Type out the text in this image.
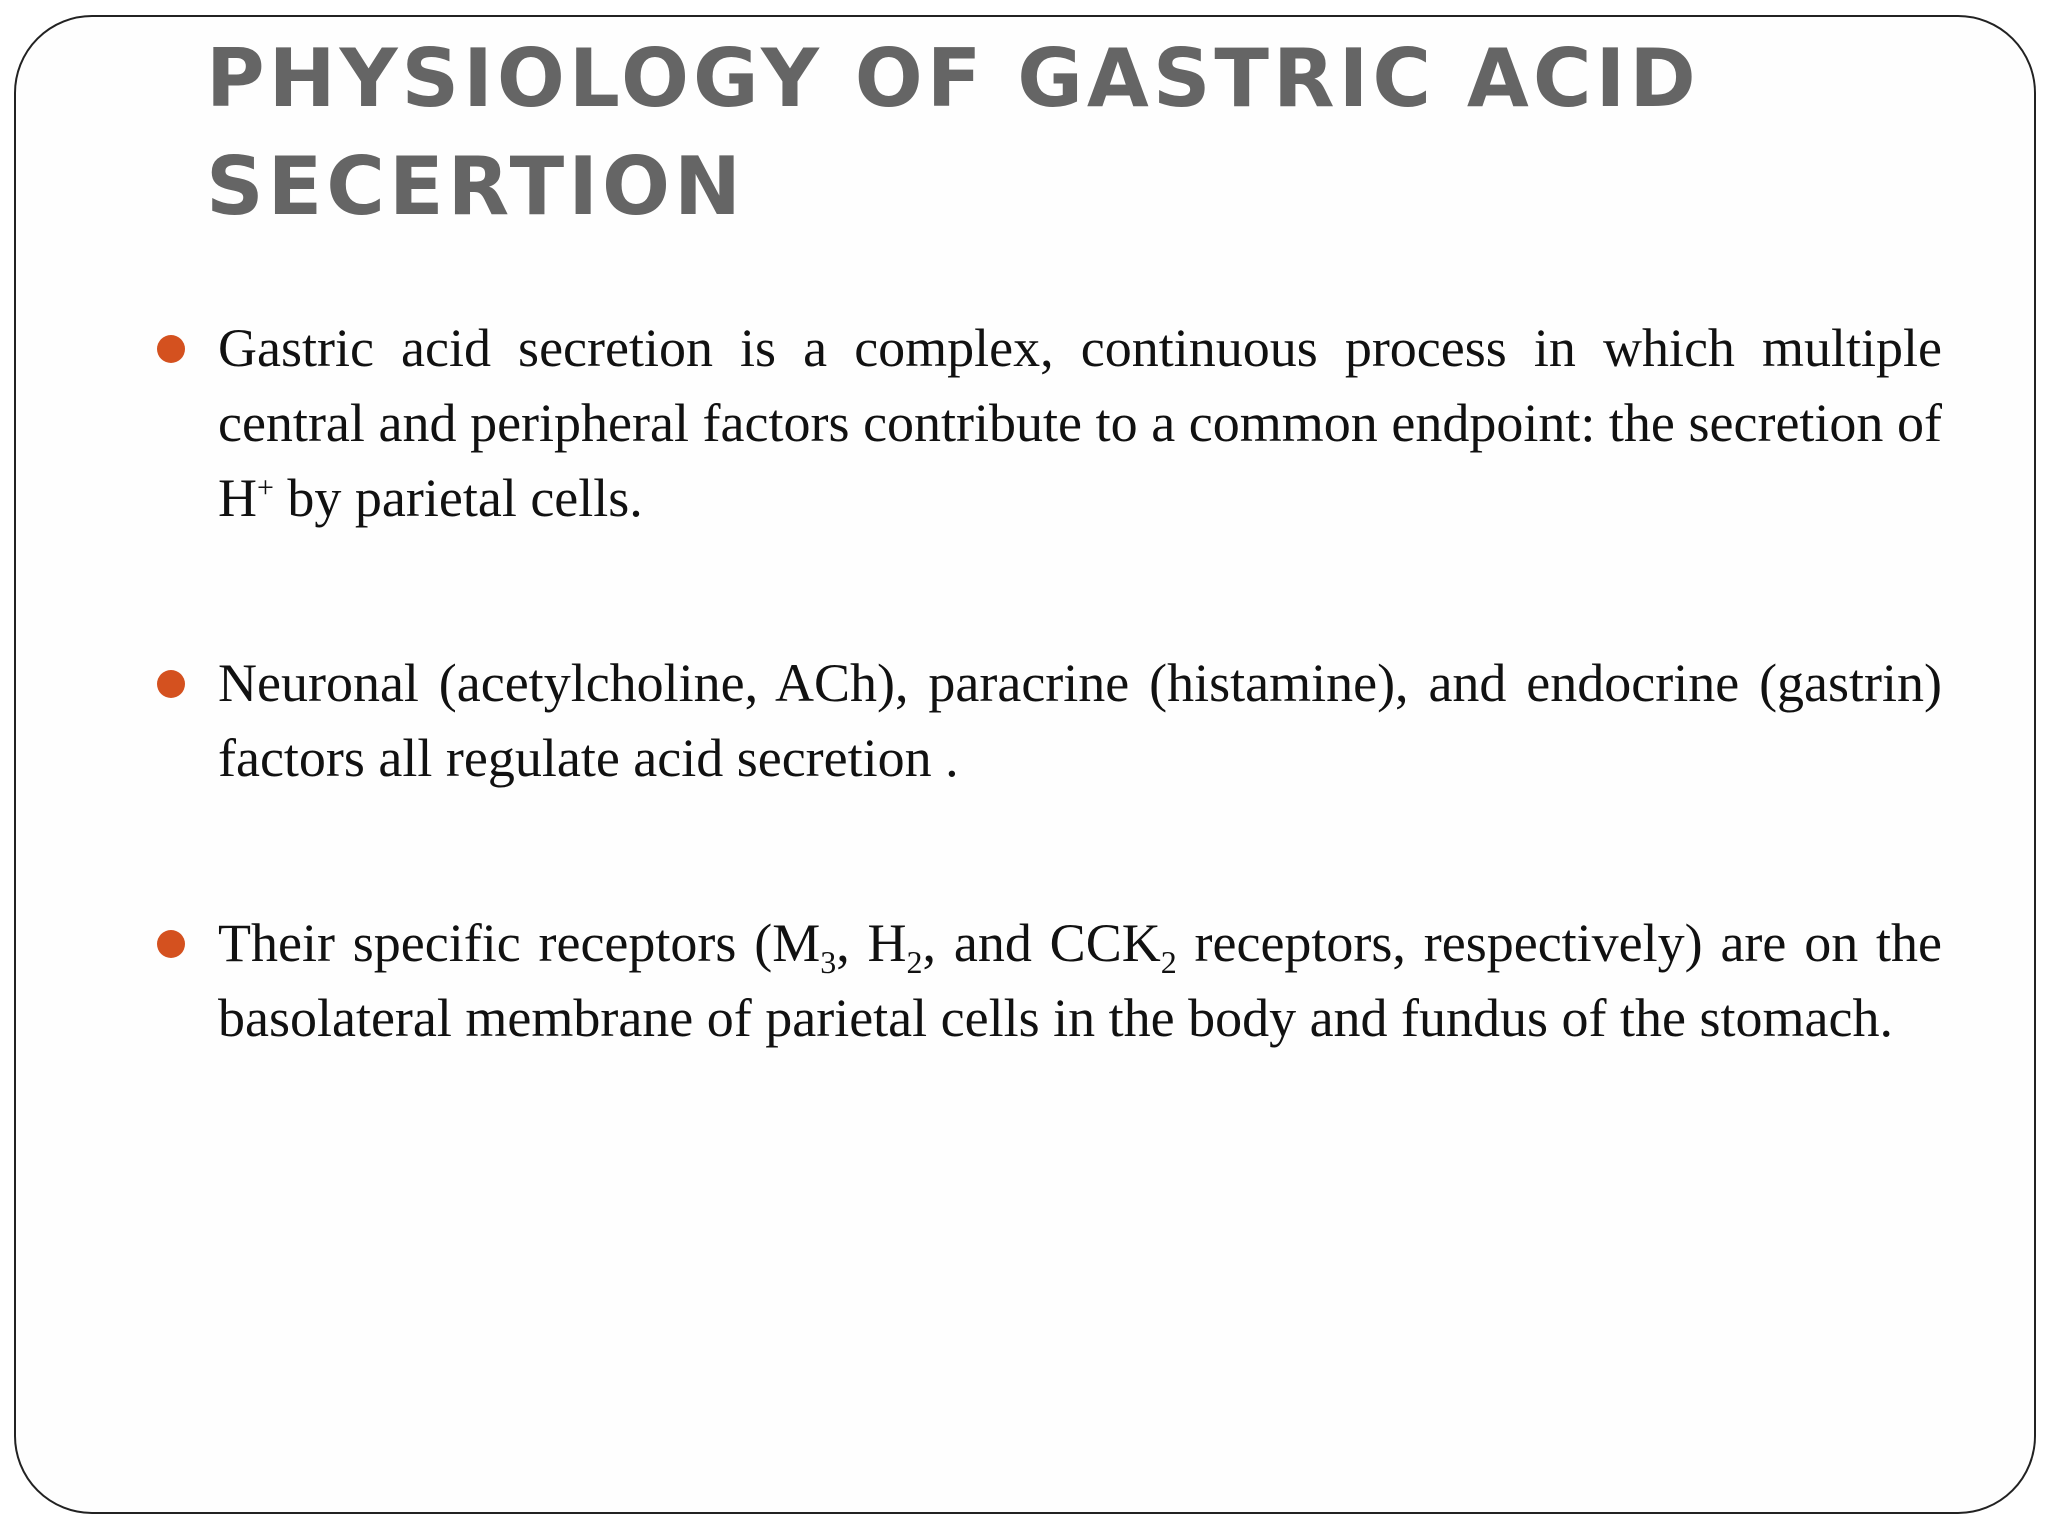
PHYSIOLOGY OF GASTRIC ACID
SECERTION
Gastric acid secretion is a complex, continuous process in which multiple central and peripheral factors contribute to a common endpoint: the secretion of H+ by parietal cells.
Neuronal (acetylcholine, ACh), paracrine (histamine), and endocrine (gastrin) factors all regulate acid secretion .
Their specific receptors ($M_3$, $H_2$, and $CCK_2$ receptors, respectively) are on the basolateral membrane of parietal cells in the body and fundus of the stomach.
